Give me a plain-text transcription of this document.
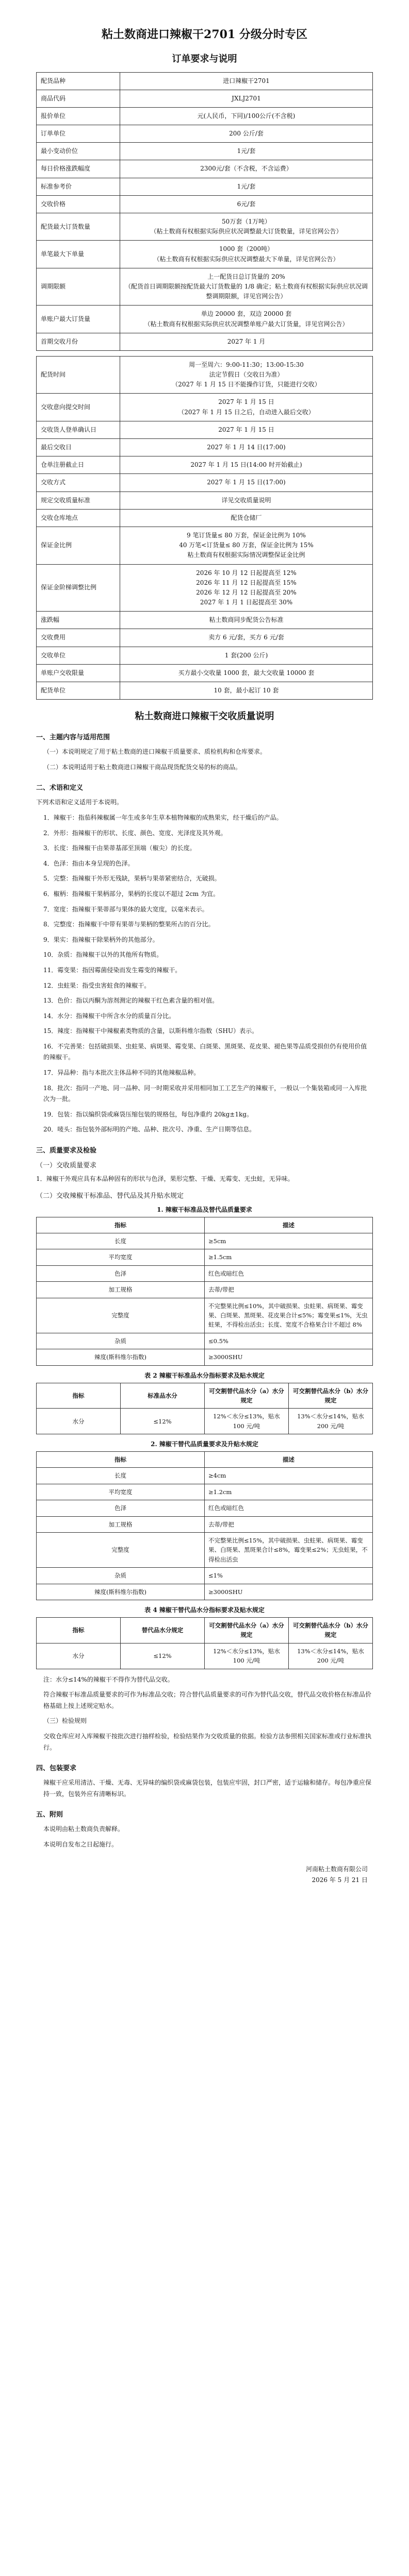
粘土数商进口辣椒干2701 分级分时专区
订单要求与说明
配货品种	进口辣椒干2701
商品代码	JXLJ2701
报价单位	元(人民币，下同)/100公斤(不含税)
订单单位	200 公斤/套
最小变动价位	1元/套
每日价格涨跌幅度	2300元/套（不含税，不含运费）
标准参考价	1元/套
交收价格	6元/套
配货最大订货数量	50万套（1万吨）
（粘土数商有权根据实际供应状况调整最大订货数量，详见官网公告）
单笔最大下单量	1000 套（200吨）
（粘土数商有权根据实际供应状况调整最大下单量，详见官网公告）
调期限额	上一配货日总订货量的 20%
（配货首日调期限额按配货最大订货数量的 1/8 确定；粘土数商有权根据实际供应状况调整调期限额，详见官网公告）
单账户最大订货量	单边 20000 套，双边 20000 套
（粘土数商有权根据实际供应状况调整单账户最大订货量，详见官网公告）
首期交收月份	2027 年 1 月
配货时间	周一至周六：9:00-11:30；13:00-15:30
法定节假日（交收日为准）
（2027 年 1 月 15 日不能操作订货，只能进行交收）
交收意向提交时间	2027 年 1 月 15 日
（2027 年 1 月 15 日之后，自动进入最后交收）
交收货人登单确认日	2027 年 1 月 15 日
最后交收日	2027 年 1 月 14 日(17:00)
仓单注册截止日	2027 年 1 月 15 日(14:00 时开始截止)
交收方式	2027 年 1 月 15 日(17:00)
规定交收质量标准	详见交收质量说明
交收仓库地点	配货仓储厂
保证金比例	9 笔订货量≤ 80 万套，保证金比例为 10%
40 万笔<订货量≤ 80 万套，保证金比例为 15%
粘土数商有权根据实际情况调整保证金比例
保证金阶梯调整比例	2026 年 10 月 12 日起提高至 12%
2026 年 11 月 12 日起提高至 15%
2026 年 12 月 12 日起提高至 20%
2027 年 1 月 1 日起提高至 30%
涨跌幅	粘土数商同步配货公告标准
交收费用	卖方 6 元/套，买方 6 元/套
交收单位	1 套(200 公斤)
单账户交收限量	买方最小交收量 1000 套，最大交收量 10000 套
配货单位	10 套，最小起订 10 套
粘土数商进口辣椒干交收质量说明
一、主题内容与适用范围

（一）本说明规定了用于粘土数商的进口辣椒干质量要求、质检机构和仓库要求。

（二）本说明适用于粘土数商进口辣椒干商品现货配货交易的标的商品。

二、术语和定义

下列术语和定义适用于本说明。

1．辣椒干：指茄科辣椒属一年生或多年生草本植物辣椒的成熟果实，经干燥后的产品。

2．外形：指辣椒干的形状、长度、颜色、宽度、光泽度及其外观。

3．长度：指辣椒干由果蒂基部至顶端（椒尖）的长度。

4．色泽：指由本身呈现的色泽。

5．完整：指辣椒干外形无残缺，果柄与果蒂紧密结合，无破损。

6．椒柄：指辣椒干果柄部分，果柄的长度以不超过 2cm 为宜。

7．宽度：指辣椒干果蒂部与果体的最大宽度，以毫米表示。

8．完整度：指辣椒干中带有果蒂与果柄的整果所占的百分比。

9．果实：指辣椒干除果柄外的其他部分。

10．杂质：指辣椒干以外的其他所有物质。

11．霉变果：指因霉菌侵染而发生霉变的辣椒干。

12．虫蛀果：指受虫害蛀食的辣椒干。

13．色价：指以丙酮为溶剂测定的辣椒干红色素含量的相对值。

14．水分：指辣椒干中所含水分的质量百分比。

15．辣度：指辣椒干中辣椒素类物质的含量，以斯科维尔指数（SHU）表示。

16．不完善果：包括破损果、虫蛀果、病斑果、霉变果、白斑果、黑斑果、花皮果、褪色果等品质受损但仍有使用价值的辣椒干。

17．异品种：指与本批次主体品种不同的其他辣椒品种。

18．批次：指同一产地、同一品种、同一时期采收并采用相同加工工艺生产的辣椒干，一般以一个集装箱或同一入库批次为一批。

19．包装：指以编织袋或麻袋压缩包装的规格包，每包净重约 20kg±1kg。

20．唛头：指包装外部标明的产地、品种、批次号、净重、生产日期等信息。

三、质量要求及检验
（一）交收质量要求

1．辣椒干外观应具有本品种固有的形状与色泽，果形完整、干燥、无霉变、无虫蛀，无异味。

（二）交收辣椒干标准品、替代品及其升贴水规定
1. 辣椒干标准品及替代品质量要求
指标	描述
长度	≥5cm
平均宽度	≥1.5cm
色泽	红色或暗红色
加工规格	去蒂/带把
完整度	不完整果比例≤10%，其中破损果、虫蛀果、病斑果、霉变果、白斑果、黑斑果、花皮果合计≤5%；霉变果≤1%，无虫蛀果，不得检出活虫；长度、宽度不合格果合计不超过 8%
杂质	≤0.5%
辣度(斯科维尔指数)	≥3000SHU
表 2 辣椒干标准品水分指标要求及贴水规定
指标	标准品水分	可交割替代品水分（a）水分规定	可交割替代品水分（b）水分规定
水分	≤12%	12%＜水分≤13%，贴水 100 元/吨	13%＜水分≤14%，贴水 200 元/吨
2. 辣椒干替代品质量要求及升贴水规定
指标	描述
长度	≥4cm
平均宽度	≥1.2cm
色泽	红色或暗红色
加工规格	去蒂/带把
完整度	不完整果比例≤15%，其中破损果、虫蛀果、病斑果、霉变果、白斑果、黑斑果合计≤8%，霉变果≤2%；无虫蛀果，不得检出活虫
杂质	≤1%
辣度(斯科维尔指数)	≥3000SHU
表 4 辣椒干替代品水分指标要求及贴水规定
指标	替代品水分规定	可交割替代品水分（a）水分规定	可交割替代品水分（b）水分规定
水分	≤12%	12%＜水分≤13%，贴水 100 元/吨	13%＜水分≤14%，贴水 200 元/吨

注：水分≤14%的辣椒干不得作为替代品交收。

符合辣椒干标准品质量要求的可作为标准品交收；符合替代品质量要求的可作为替代品交收，替代品交收价格在标准品价格基础上按上述规定贴水。

（三）检验规则

交收仓库应对入库辣椒干按批次进行抽样检验，检验结果作为交收质量的依据。检验方法参照相关国家标准或行业标准执行。

四、包装要求

辣椒干应采用清洁、干燥、无毒、无异味的编织袋或麻袋包装，包装应牢固，封口严密，适于运输和储存。每包净重应保持一致，包装外应有清晰标识。

五、附则

本说明由粘土数商负责解释。

本说明自发布之日起施行。

河南粘土数商有限公司
2026 年 5 月 21 日
